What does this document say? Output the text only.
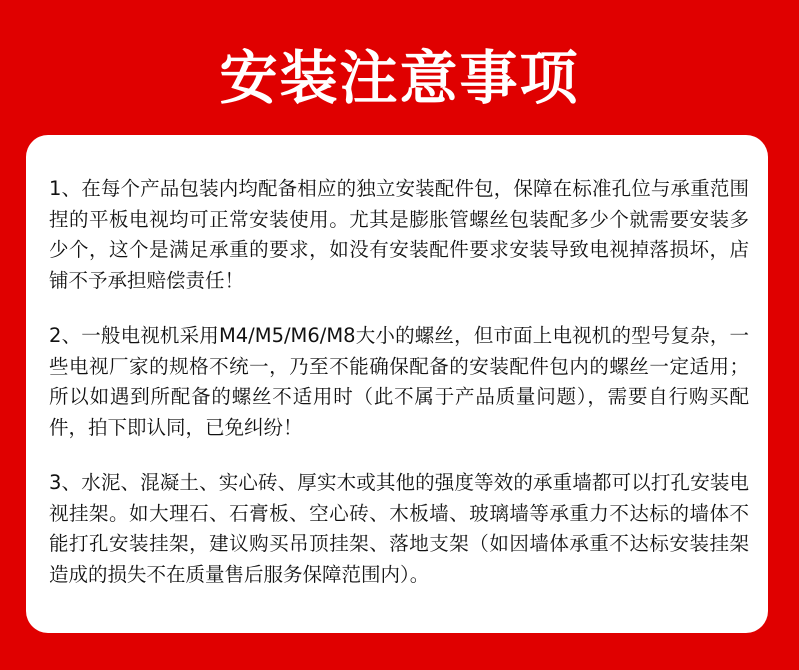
安装注意事项
1、在每个产品包装内均配备相应的独立安装配件包，保障在标准孔位与承重范围捏的平板电视均可正常安装使用。尤其是膨胀管螺丝包装配多少个就需要安装多少个，这个是满足承重的要求，如没有安装配件要求安装导致电视掉落损坏，店铺不予承担赔偿责任！
2、一般电视机采用M4/M5/M6/M8大小的螺丝，但市面上电视机的型号复杂，一些电视厂家的规格不统一，乃至不能确保配备的安装配件包内的螺丝一定适用；所以如遇到所配备的螺丝不适用时（此不属于产品质量问题），需要自行购买配件，拍下即认同，已免纠纷！
3、水泥、混凝土、实心砖、厚实木或其他的强度等效的承重墙都可以打孔安装电视挂架。如大理石、石膏板、空心砖、木板墙、玻璃墙等承重力不达标的墙体不能打孔安装挂架，建议购买吊顶挂架、落地支架（如因墙体承重不达标安装挂架造成的损失不在质量售后服务保障范围内）。
